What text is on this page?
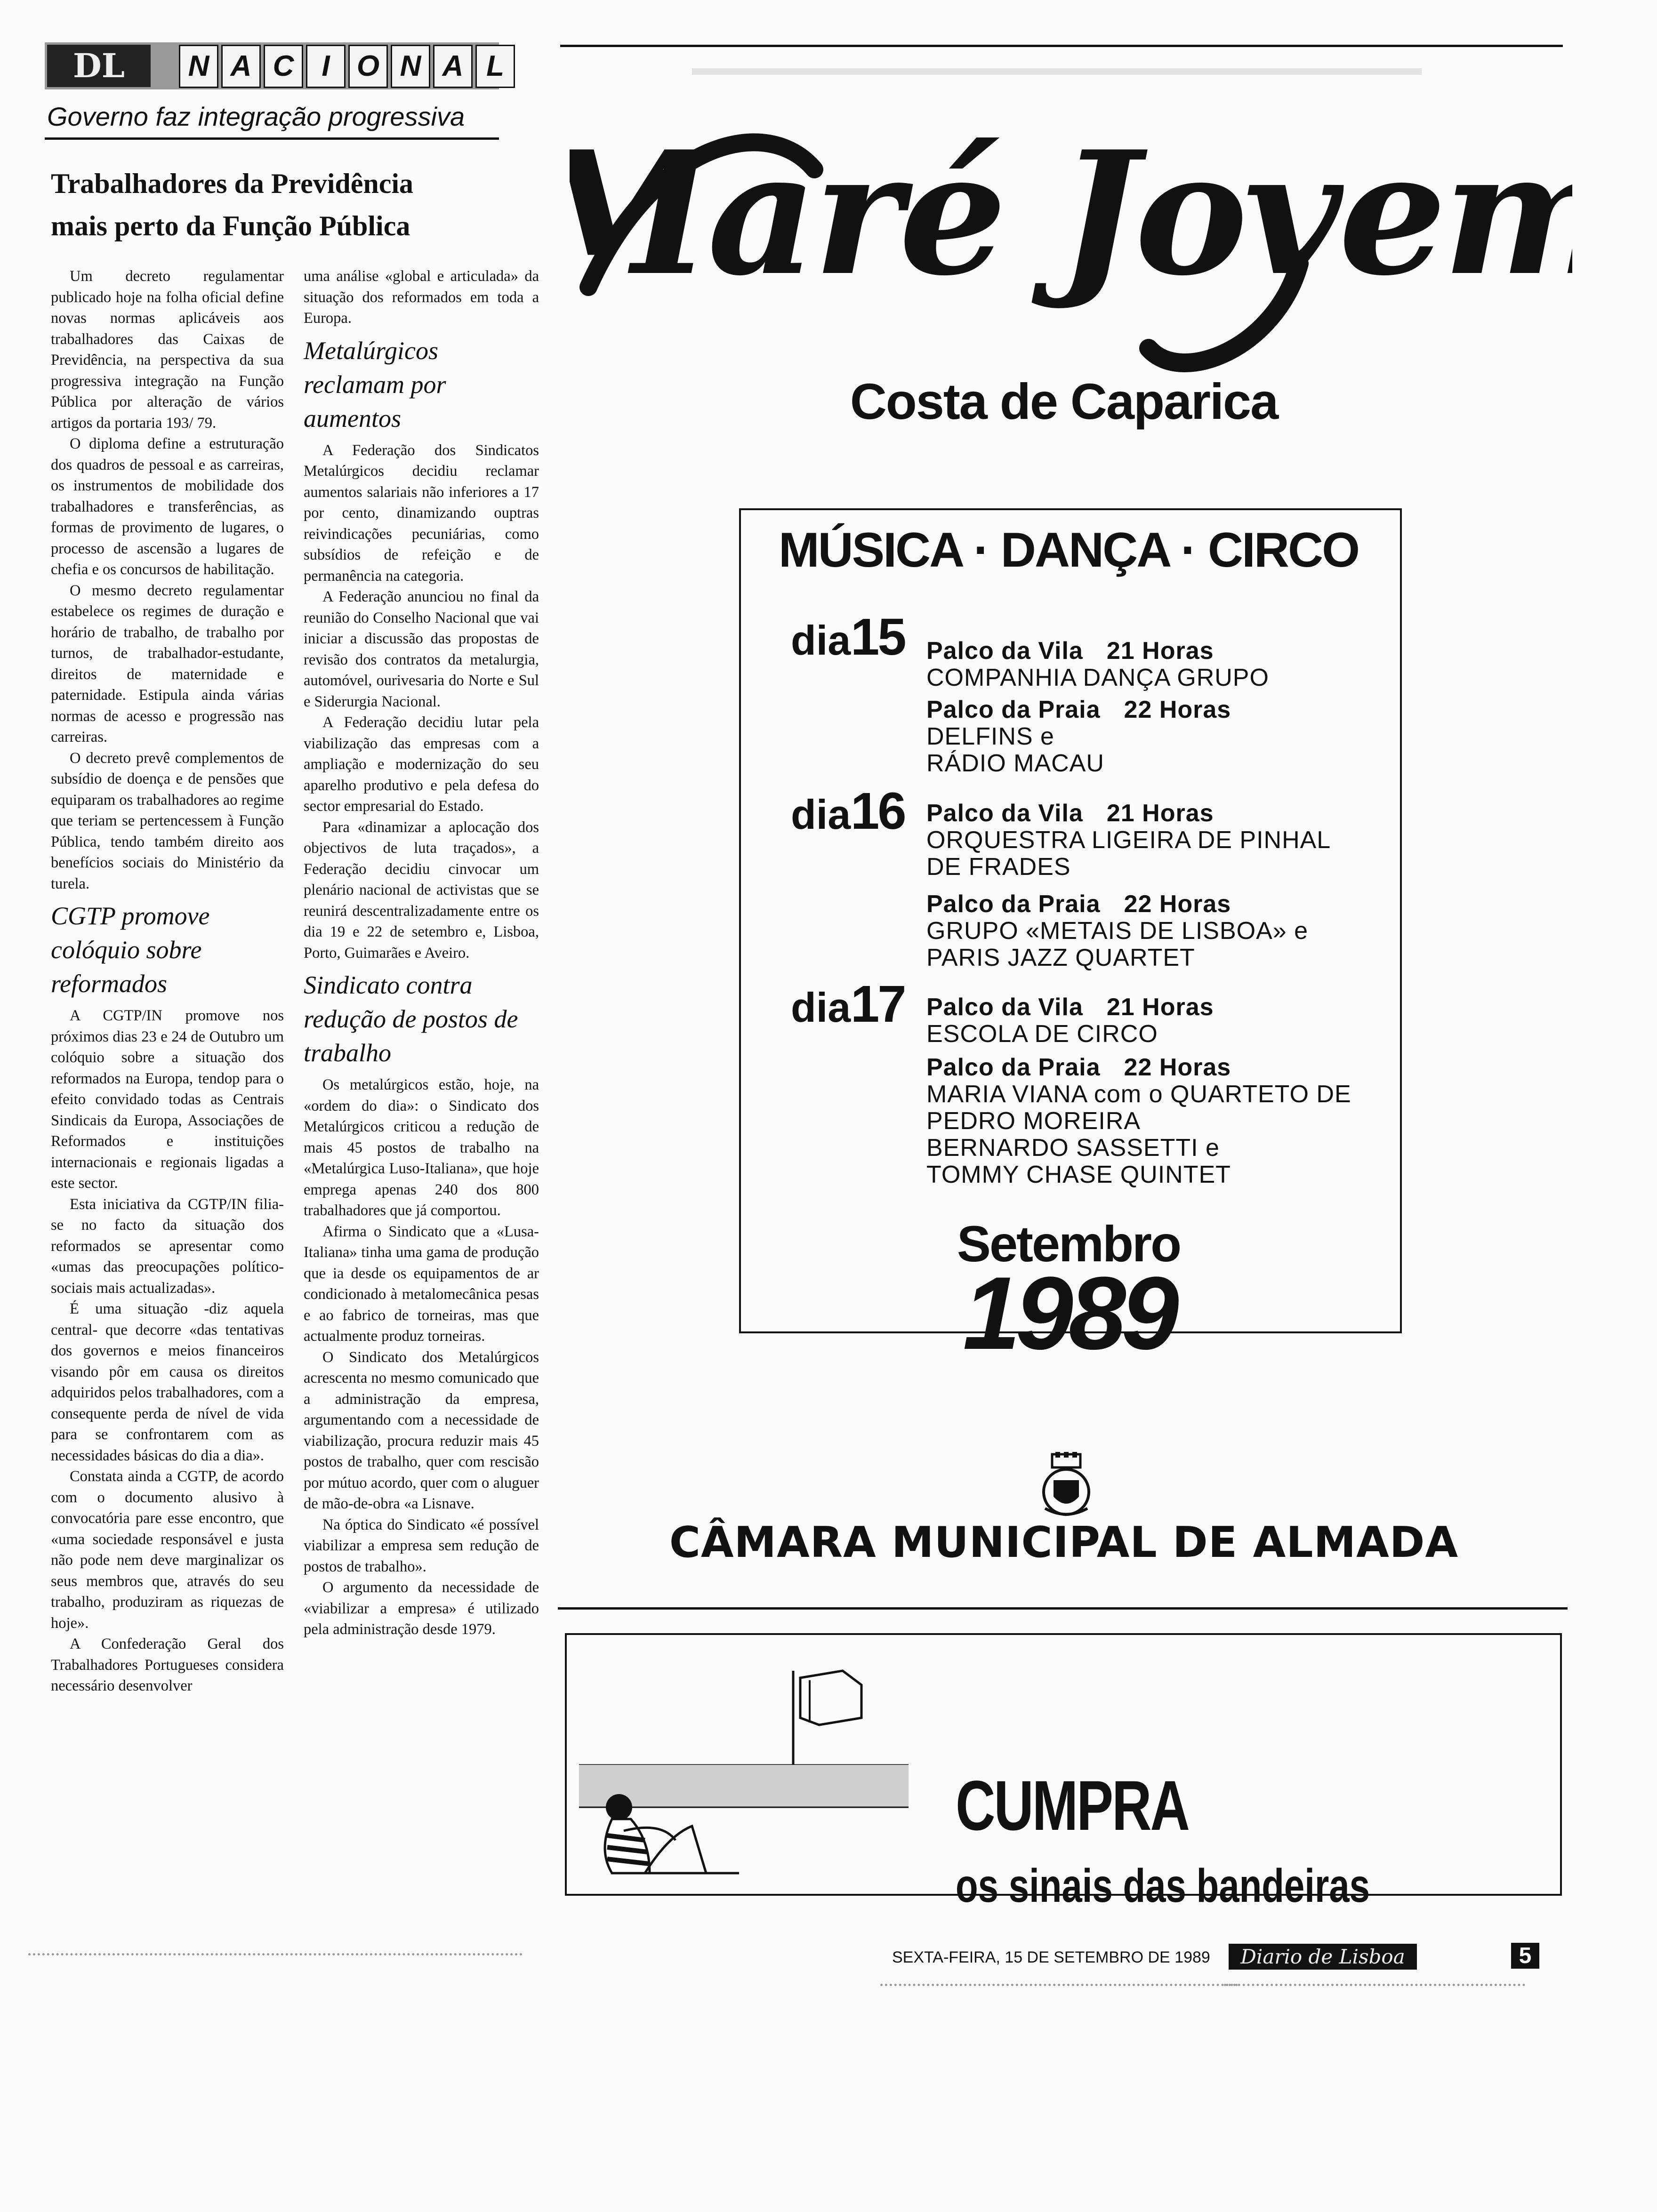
DL	N A C I O N A L
Governo faz integração progressiva
Trabalhadores da Previdência
mais perto da Função Pública

Um decreto regulamentar publicado hoje na folha oficial define novas normas aplicáveis aos trabalhadores das Caixas de Previdência, na perspectiva da sua progressiva integração na Função Pública por alteração de vários artigos da portaria 193/ 79.

O diploma define a estruturação dos quadros de pessoal e as carreiras, os instrumentos de mobilidade dos trabalhadores e transferências, as formas de provimento de lugares, o processo de ascensão a lugares de chefia e os concursos de habilitação.

O mesmo decreto regulamentar estabelece os regimes de duração e horário de trabalho, de trabalho por turnos, de trabalhador-estudante, direitos de maternidade e paternidade. Estipula ainda várias normas de acesso e progressão nas carreiras.

O decreto prevê complementos de subsídio de doença e de pensões que equiparam os trabalhadores ao regime que teriam se pertencessem à Função Pública, tendo também direito aos benefícios sociais do Ministério da turela.

CGTP promove colóquio sobre reformados

A CGTP/IN promove nos próximos dias 23 e 24 de Outubro um colóquio sobre a situação dos reformados na Europa, tendop para o efeito convidado todas as Centrais Sindicais da Europa, Associações de Reformados e instituições internacionais e regionais ligadas a este sector.

Esta iniciativa da CGTP/IN filia-se no facto da situação dos reformados se apresentar como «umas das preocupações político-sociais mais actualizadas».

É uma situação -diz aquela central- que decorre «das tentativas dos governos e meios financeiros visando pôr em causa os direitos adquiridos pelos trabalhadores, com a consequente perda de nível de vida para se confrontarem com as necessidades básicas do dia a dia».

Constata ainda a CGTP, de acordo com o documento alusivo à convocatória pare esse encontro, que «uma sociedade responsável e justa não pode nem deve marginalizar os seus membros que, através do seu trabalho, produziram as riquezas de hoje».

A Confederação Geral dos Trabalhadores Portugueses considera necessário desenvolver

uma análise «global e articulada» da situação dos reformados em toda a Europa.

Metalúrgicos reclamam por aumentos

A Federação dos Sindicatos Metalúrgicos decidiu reclamar aumentos salariais não inferiores a 17 por cento, dinamizando ouptras reivindicações pecuniárias, como subsídios de refeição e de permanência na categoria.

A Federação anunciou no final da reunião do Conselho Nacional que vai iniciar a discussão das propostas de revisão dos contratos da metalurgia, automóvel, ourivesaria do Norte e Sul e Siderurgia Nacional.

A Federação decidiu lutar pela viabilização das empresas com a ampliação e modernização do seu aparelho produtivo e pela defesa do sector empresarial do Estado.

Para «dinamizar a aplocação dos objectivos de luta traçados», a Federação decidiu cinvocar um plenário nacional de activistas que se reunirá descentralizadamente entre os dia 19 e 22 de setembro e, Lisboa, Porto, Guimarães e Aveiro.

Sindicato contra redução de postos de trabalho

Os metalúrgicos estão, hoje, na «ordem do dia»: o Sindicato dos Metalúrgicos criticou a redução de mais 45 postos de trabalho na «Metalúrgica Luso-Italiana», que hoje emprega apenas 240 dos 800 trabalhadores que já comportou.

Afirma o Sindicato que a «Lusa-Italiana» tinha uma gama de produção que ia desde os equipamentos de ar condicionado à metalomecânica pesas e ao fabrico de torneiras, mas que actualmente produz torneiras.

O Sindicato dos Metalúrgicos acrescenta no mesmo comunicado que a administração da empresa, argumentando com a necessidade de viabilização, procura reduzir mais 45 postos de trabalho, quer com rescisão por mútuo acordo, quer com o aluguer de mão-de-obra «a Lisnave.

Na óptica do Sindicato «é possível viabilizar a empresa sem redução de postos de trabalho».

O argumento da necessidade de «viabilizar a empresa» é utilizado pela administração desde 1979.

Maré Jovem
Costa de Caparica
MÚSICA · DANÇA · CIRCO
dia15 Palco da Vila 21 Horas
COMPANHIA DANÇA GRUPO
Palco da Praia 22 Horas
DELFINS e
RÁDIO MACAU
dia16 Palco da Vila 21 Horas
ORQUESTRA LIGEIRA DE PINHAL
DE FRADES
Palco da Praia 22 Horas
GRUPO «METAIS DE LISBOA» e
PARIS JAZZ QUARTET
dia17 Palco da Vila 21 Horas
ESCOLA DE CIRCO
Palco da Praia 22 Horas
MARIA VIANA com o QUARTETO DE
PEDRO MOREIRA
BERNARDO SASSETTI e
TOMMY CHASE QUINTET
Setembro
1989
CÂMARA MUNICIPAL DE ALMADA
CUMPRA
os sinais das bandeiras
SEXTA-FEIRA, 15 DE SETEMBRO DE 1989	Diario de Lisboa	5
